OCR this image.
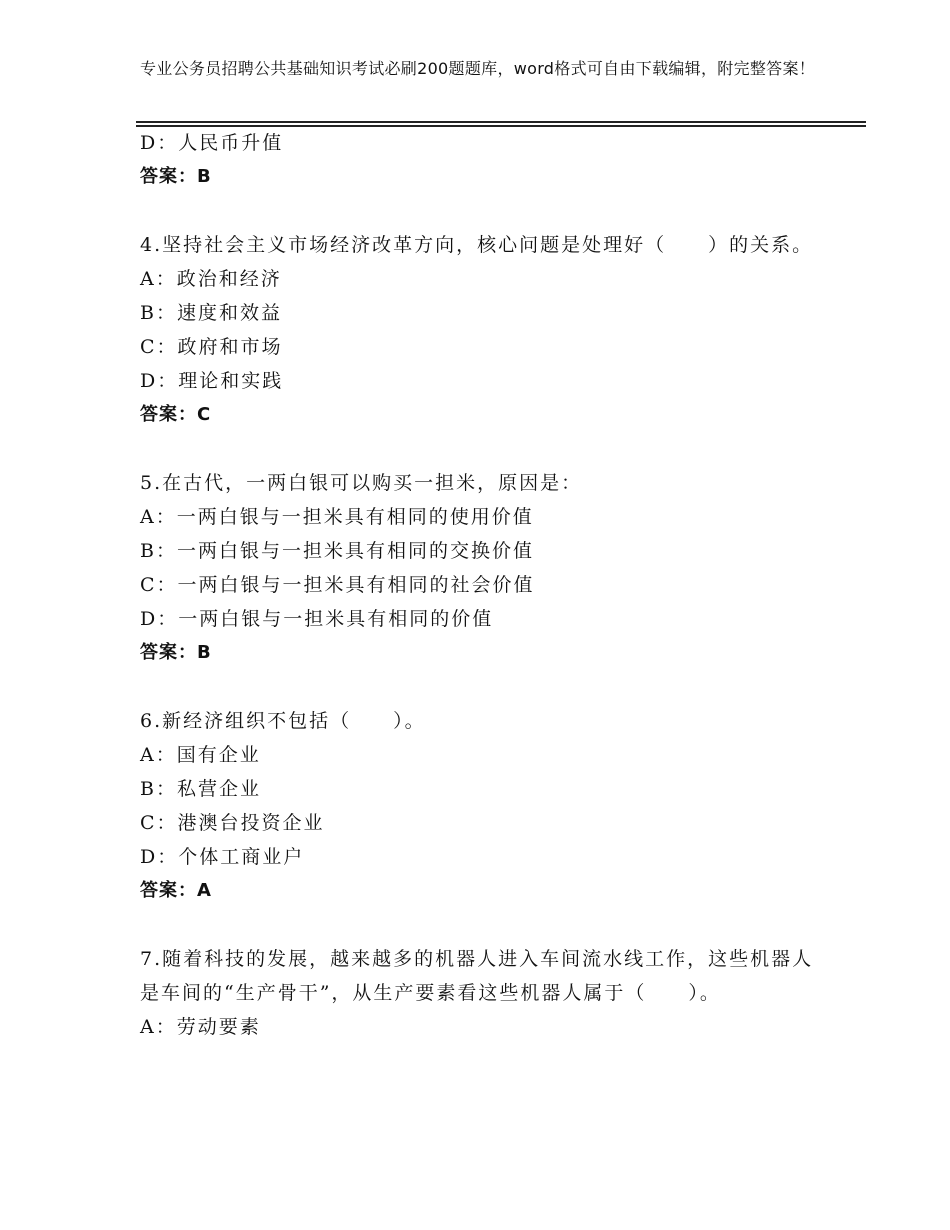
专业公务员招聘公共基础知识考试必刷200题题库，word格式可自由下载编辑，附完整答案！
D：人民币升值
答案：B
4.坚持社会主义市场经济改革方向，核心问题是处理好（　　）的关系。
A：政治和经济
B：速度和效益
C：政府和市场
D：理论和实践
答案：C
5.在古代，一两白银可以购买一担米，原因是：
A：一两白银与一担米具有相同的使用价值
B：一两白银与一担米具有相同的交换价值
C：一两白银与一担米具有相同的社会价值
D：一两白银与一担米具有相同的价值
答案：B
6.新经济组织不包括（　　）。
A：国有企业
B：私营企业
C：港澳台投资企业
D：个体工商业户
答案：A
7.随着科技的发展，越来越多的机器人进入车间流水线工作，这些机器人是车间的“生产骨干”，从生产要素看这些机器人属于（　　）。
A：劳动要素
